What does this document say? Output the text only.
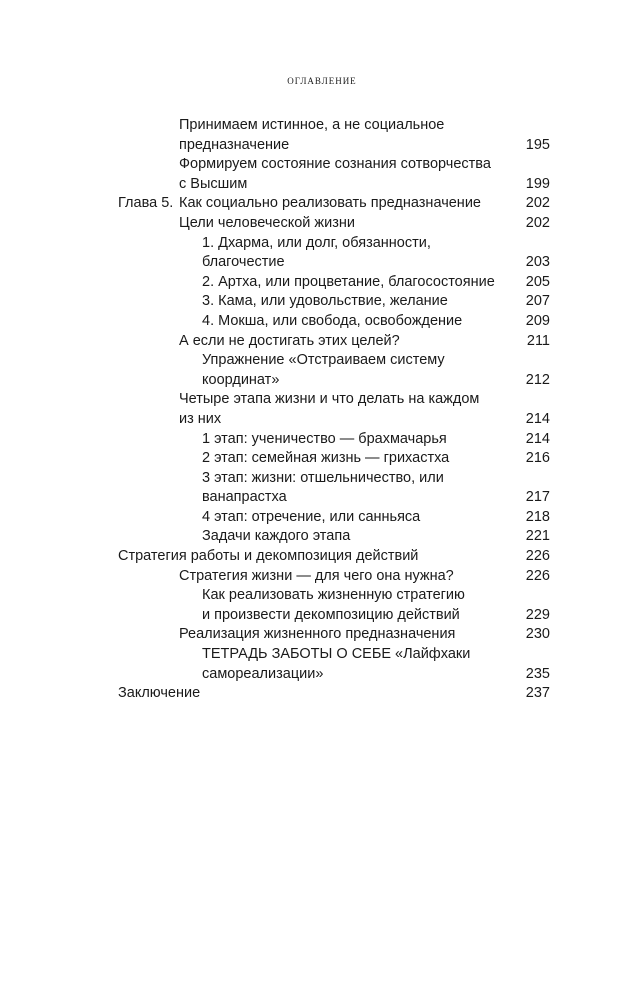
оглавление
Принимаем истинное, а не социальное
предназначение	195
Формируем состояние сознания сотворчества
с Высшим	199
Глава 5. Как социально реализовать предназначение	202
Цели человеческой жизни	202
1. Дхарма, или долг, обязанности,
благочестие	203
2. Артха, или процветание, благосостояние	205
3. Кама, или удовольствие, желание	207
4. Мокша, или свобода, освобождение	209
А если не достигать этих целей?	211
Упражнение «Отстраиваем систему
координат»	212
Четыре этапа жизни и что делать на каждом
из них	214
1 этап: ученичество — брахмачарья	214
2 этап: семейная жизнь — грихастха	216
3 этап: жизни: отшельничество, или
ванапрастха	217
4 этап: отречение, или санньяса	218
Задачи каждого этапа	221
Стратегия работы и декомпозиция действий	226
Стратегия жизни — для чего она нужна?	226
Как реализовать жизненную стратегию
и произвести декомпозицию действий	229
Реализация жизненного предназначения	230
ТЕТРАДЬ ЗАБОТЫ О СЕБЕ «Лайфхаки
самореализации»	235
Заключение	237
